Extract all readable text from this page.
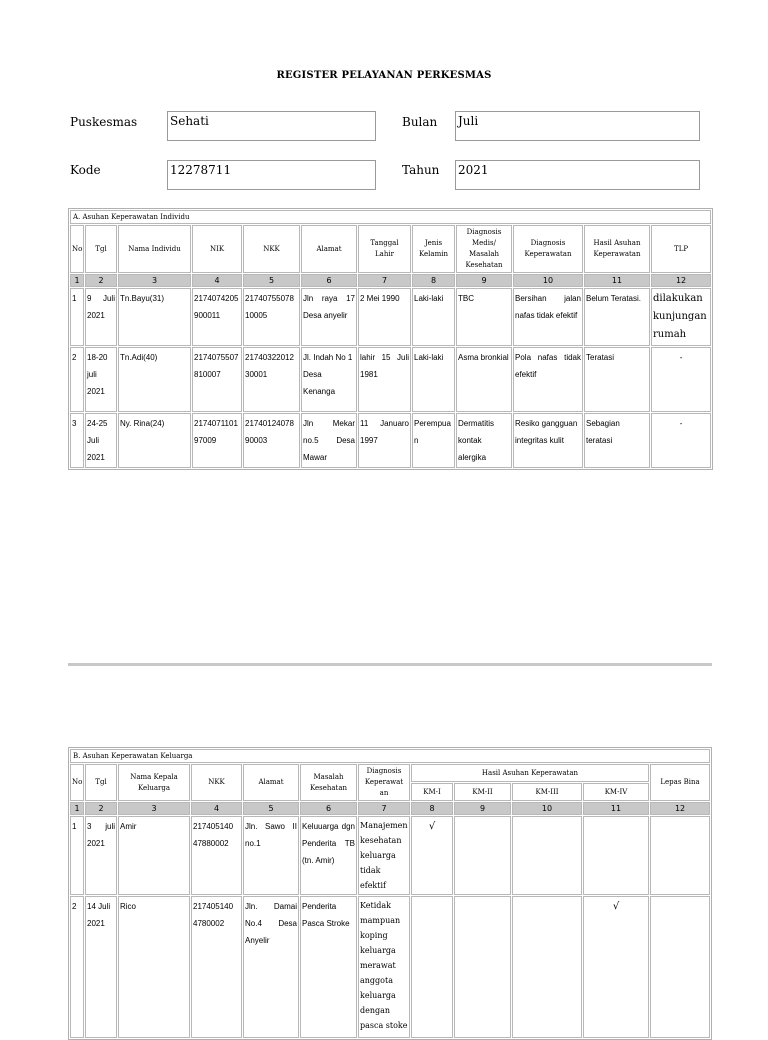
REGISTER PELAYANAN PERKESMAS
Puskesmas	Sehati	Bulan Juli
Kode	12278711	Tahun 2021
A. Asuhan Keperawatan Individu											
No	Tgl	Nama Individu	NIK	NKK	Alamat	Tanggal Lahir	Jenis Kelamin	Diagnosis Medis/ Masalah Kesehatan	Diagnosis Keperawatan	Hasil Asuhan Keperawatan	TLP
1	2	3	4	5	6	7	8	9	10	11	12
1	9 Juli 2021	Tn.Bayu(31)	2174074205 900011	21740755078 10005	Jln raya 17 Desa anyelir	2 Mei 1990	Laki-laki	TBC	Bersihan jalan nafas tidak efektif	Belum Teratasi.	dilakukan kunjungan rumah
2	18-20 juli 2021	Tn.Adi(40)	2174075507 810007	21740322012 30001	Jl. Indah No 1 Desa Kenanga	lahir 15 Juli 1981	Laki-laki	Asma bronkial	Pola nafas tidak efektif	Teratasi	-
3	24-25 Juli 2021	Ny. Rina(24)	2174071101 97009	21740124078 90003	Jln Mekar no.5 Desa Mawar	11 Januaro 1997	Perempua n	Dermatitis kontak alergika	Resiko gangguan integritas kulit	Sebagian teratasi	-
B. Asuhan Keperawatan Keluarga											
No	Tgl	Nama Kepala Keluarga	NKK	Alamat	Masalah Kesehatan	Diagnosis Keperawat an	Hasil Asuhan Keperawatan				Lepas Bina
							KM-I	KM-II	KM-III	KM-IV	
1	2	3	4	5	6	7	8	9	10	11	12
1	3 juli 2021	Amir	217405140 47880002	Jln. Sawo II no.1	Keluuarga dgn Penderita TB (tn. Amir)	Manajemen kesehatan keluarga tidak efektif	√				
2	14 Juli 2021	Rico	217405140 4780002	Jln. Damai No.4 Desa Anyelir	Penderita Pasca Stroke	Ketidak mampuan koping keluarga merawat anggota keluarga dengan pasca stoke				√	
